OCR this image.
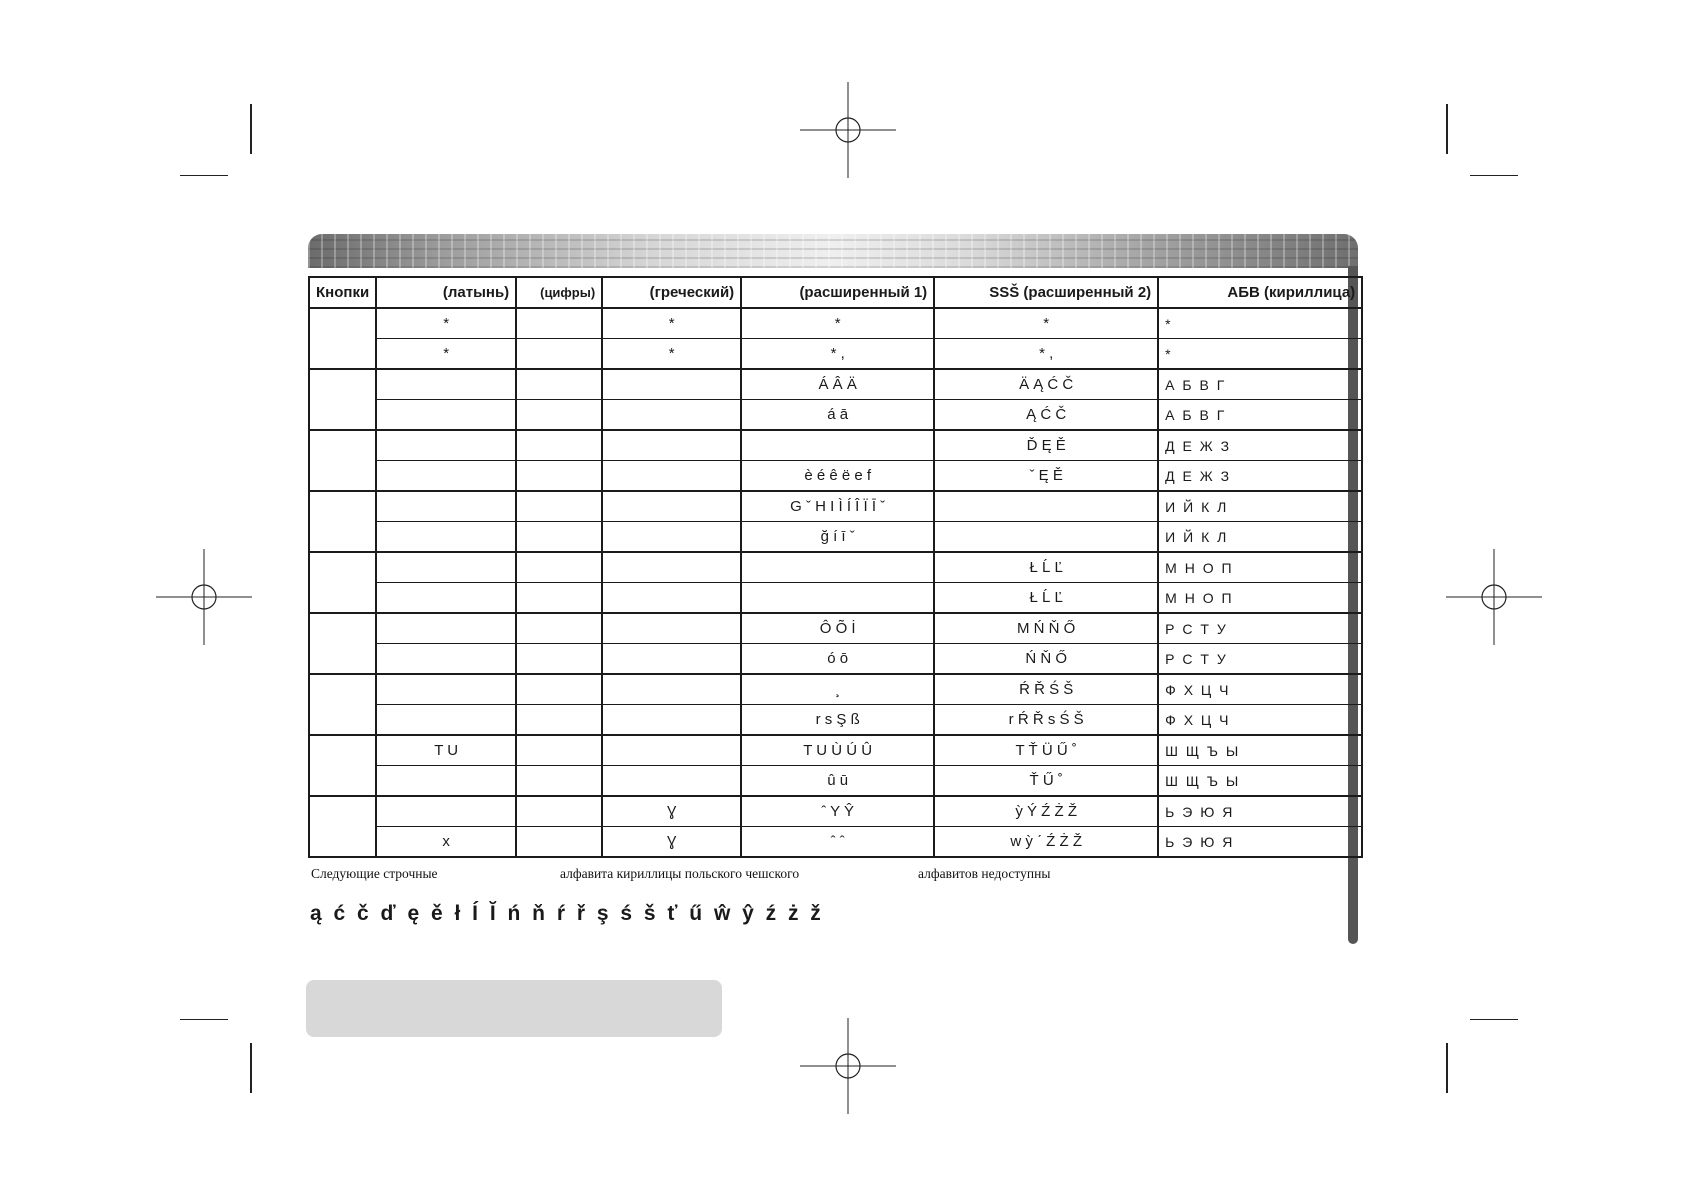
Кнопки	(латынь)	(цифры)	(греческий)	(расширенный 1)	SSŠ (расширенный 2)	АБВ (кириллица)
	*		*	*	*	*
	*		*	* ,	* ,	*
				Á Â Ä	Ä Ą Ć Č	А Б В Г
				á ā	Ą Ć Č	А Б В Г
					Ď Ę Ě	Д Е Ж З
				è é ê ë e f	ˇ Ę Ě	Д Е Ж З
				G ˇ H I Ì Í Î Ï Ī ˇ		И Й К Л
				ğ í ī ˇ		И Й К Л
					Ł Ĺ Ľ	М Н О П
					Ł Ĺ Ľ	М Н О П
				Ô Õ İ	M Ń Ň Ő	Р С Т У
				ó ō	Ń Ň Ő	Р С Т У
				¸	Ŕ Ř Ś Š	Ф Х Ц Ч
				r s Ş ß	r Ŕ Ř s Ś Š	Ф Х Ц Ч
	T U			T U Ù Ú Û	T Ť Ü Ű ˚	Ш Щ Ъ Ы
				û ū	Ť Ű ˚	Ш Щ Ъ Ы
			Ɣ	ˆ Y Ŷ	ỳ Ý Ź Ż Ž	Ь Э Ю Я
	x		Ɣ	ˆ ˆ	w ỳ ˊ Ź Ż Ž	Ь Э Ю Я
Следующие строчные	алфавита кириллицы польского чешского	алфавитов недоступны
ą ć č ď ę ě ł Í Ĭ ń ň ŕ ř ş ś š ť ű ŵ ŷ ź ż ž
